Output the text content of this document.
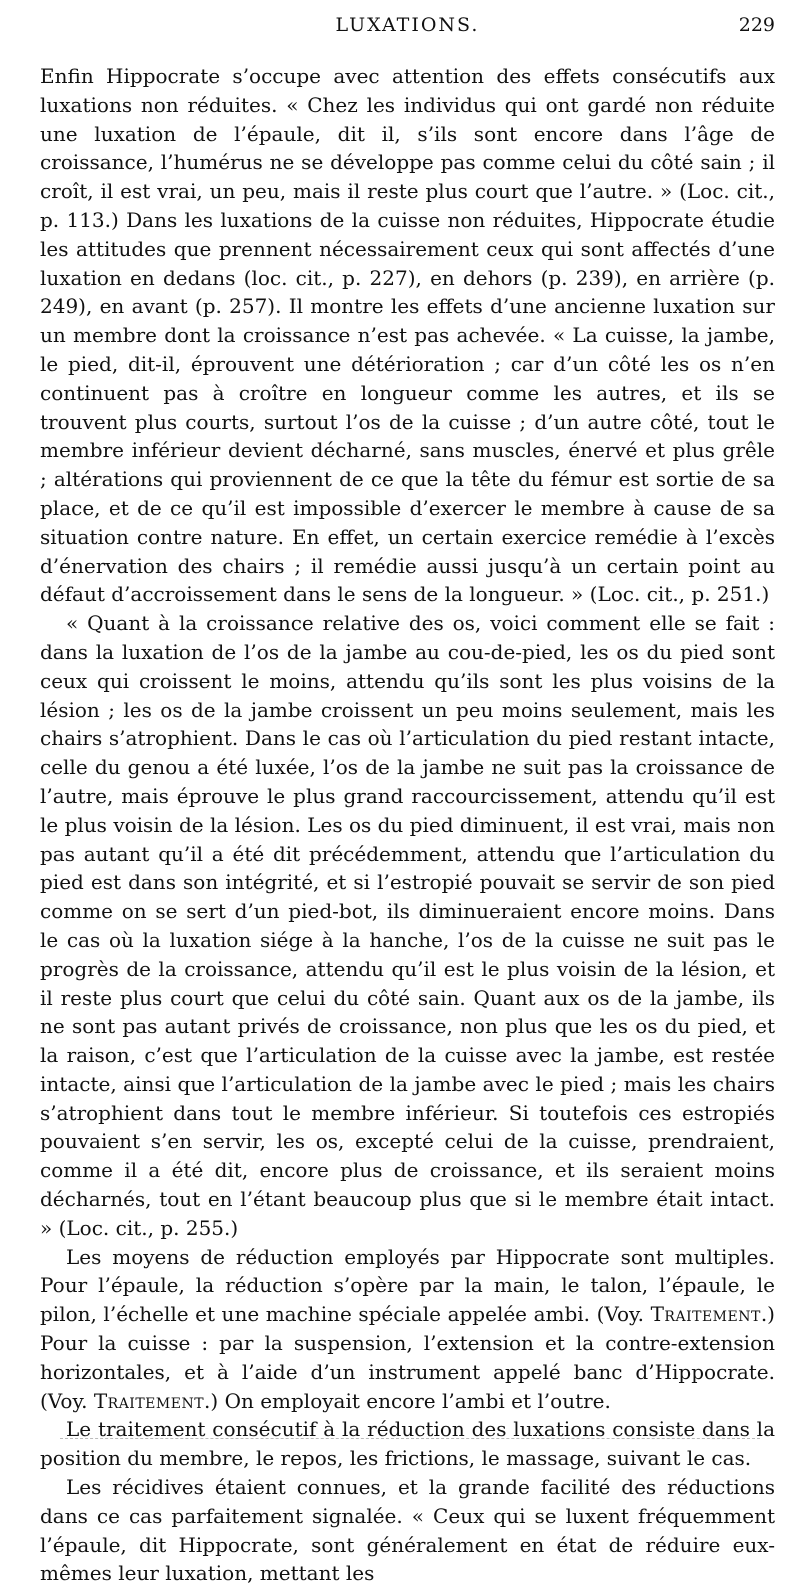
LUXATIONS.	229

Enfin Hippocrate s’occupe avec attention des effets consécutifs aux luxations non réduites. « Chez les individus qui ont gardé non réduite une luxation de l’épaule, dit il, s’ils sont encore dans l’âge de croissance, l’humérus ne se développe pas comme celui du côté sain ; il croît, il est vrai, un peu, mais il reste plus court que l’autre. » (Loc. cit., p. 113.) Dans les luxations de la cuisse non réduites, Hippocrate étudie les attitudes que prennent nécessairement ceux qui sont affectés d’une luxation en dedans (loc. cit., p. 227), en dehors (p. 239), en arrière (p. 249), en avant (p. 257). Il montre les effets d’une ancienne luxation sur un membre dont la croissance n’est pas achevée. « La cuisse, la jambe, le pied, dit-il, éprouvent une détérioration ; car d’un côté les os n’en continuent pas à croître en longueur comme les autres, et ils se trouvent plus courts, surtout l’os de la cuisse ; d’un autre côté, tout le membre inférieur devient décharné, sans muscles, énervé et plus grêle ; altérations qui proviennent de ce que la tête du fémur est sortie de sa place, et de ce qu’il est impossible d’exercer le membre à cause de sa situation contre nature. En effet, un certain exercice remédie à l’excès d’énervation des chairs ; il remédie aussi jusqu’à un certain point au défaut d’accroissement dans le sens de la longueur. » (Loc. cit., p. 251.)

« Quant à la croissance relative des os, voici comment elle se fait : dans la luxation de l’os de la jambe au cou-de-pied, les os du pied sont ceux qui croissent le moins, attendu qu’ils sont les plus voisins de la lésion ; les os de la jambe croissent un peu moins seulement, mais les chairs s’atrophient. Dans le cas où l’articulation du pied restant intacte, celle du genou a été luxée, l’os de la jambe ne suit pas la croissance de l’autre, mais éprouve le plus grand raccourcissement, attendu qu’il est le plus voisin de la lésion. Les os du pied diminuent, il est vrai, mais non pas autant qu’il a été dit précédemment, attendu que l’articulation du pied est dans son intégrité, et si l’estropié pouvait se servir de son pied comme on se sert d’un pied-bot, ils diminueraient encore moins. Dans le cas où la luxation siége à la hanche, l’os de la cuisse ne suit pas le progrès de la croissance, attendu qu’il est le plus voisin de la lésion, et il reste plus court que celui du côté sain. Quant aux os de la jambe, ils ne sont pas autant privés de croissance, non plus que les os du pied, et la raison, c’est que l’articulation de la cuisse avec la jambe, est restée intacte, ainsi que l’articulation de la jambe avec le pied ; mais les chairs s’atrophient dans tout le membre inférieur. Si toutefois ces estropiés pouvaient s’en servir, les os, excepté celui de la cuisse, prendraient, comme il a été dit, encore plus de croissance, et ils seraient moins décharnés, tout en l’étant beaucoup plus que si le membre était intact. » (Loc. cit., p. 255.)

Les moyens de réduction employés par Hippocrate sont multiples. Pour l’épaule, la réduction s’opère par la main, le talon, l’épaule, le pilon, l’échelle et une machine spéciale appelée ambi. (Voy. Traitement.) Pour la cuisse : par la suspension, l’extension et la contre-extension horizontales, et à l’aide d’un instrument appelé banc d’Hippocrate. (Voy. Traitement.) On employait encore l’ambi et l’outre.

Le traitement consécutif à la réduction des luxations consiste dans la position du membre, le repos, les frictions, le massage, suivant le cas.

Les récidives étaient connues, et la grande facilité des réductions dans ce cas parfaitement signalée. « Ceux qui se luxent fréquemment l’épaule, dit Hippocrate, sont généralement en état de réduire eux-mêmes leur luxation, mettant les
